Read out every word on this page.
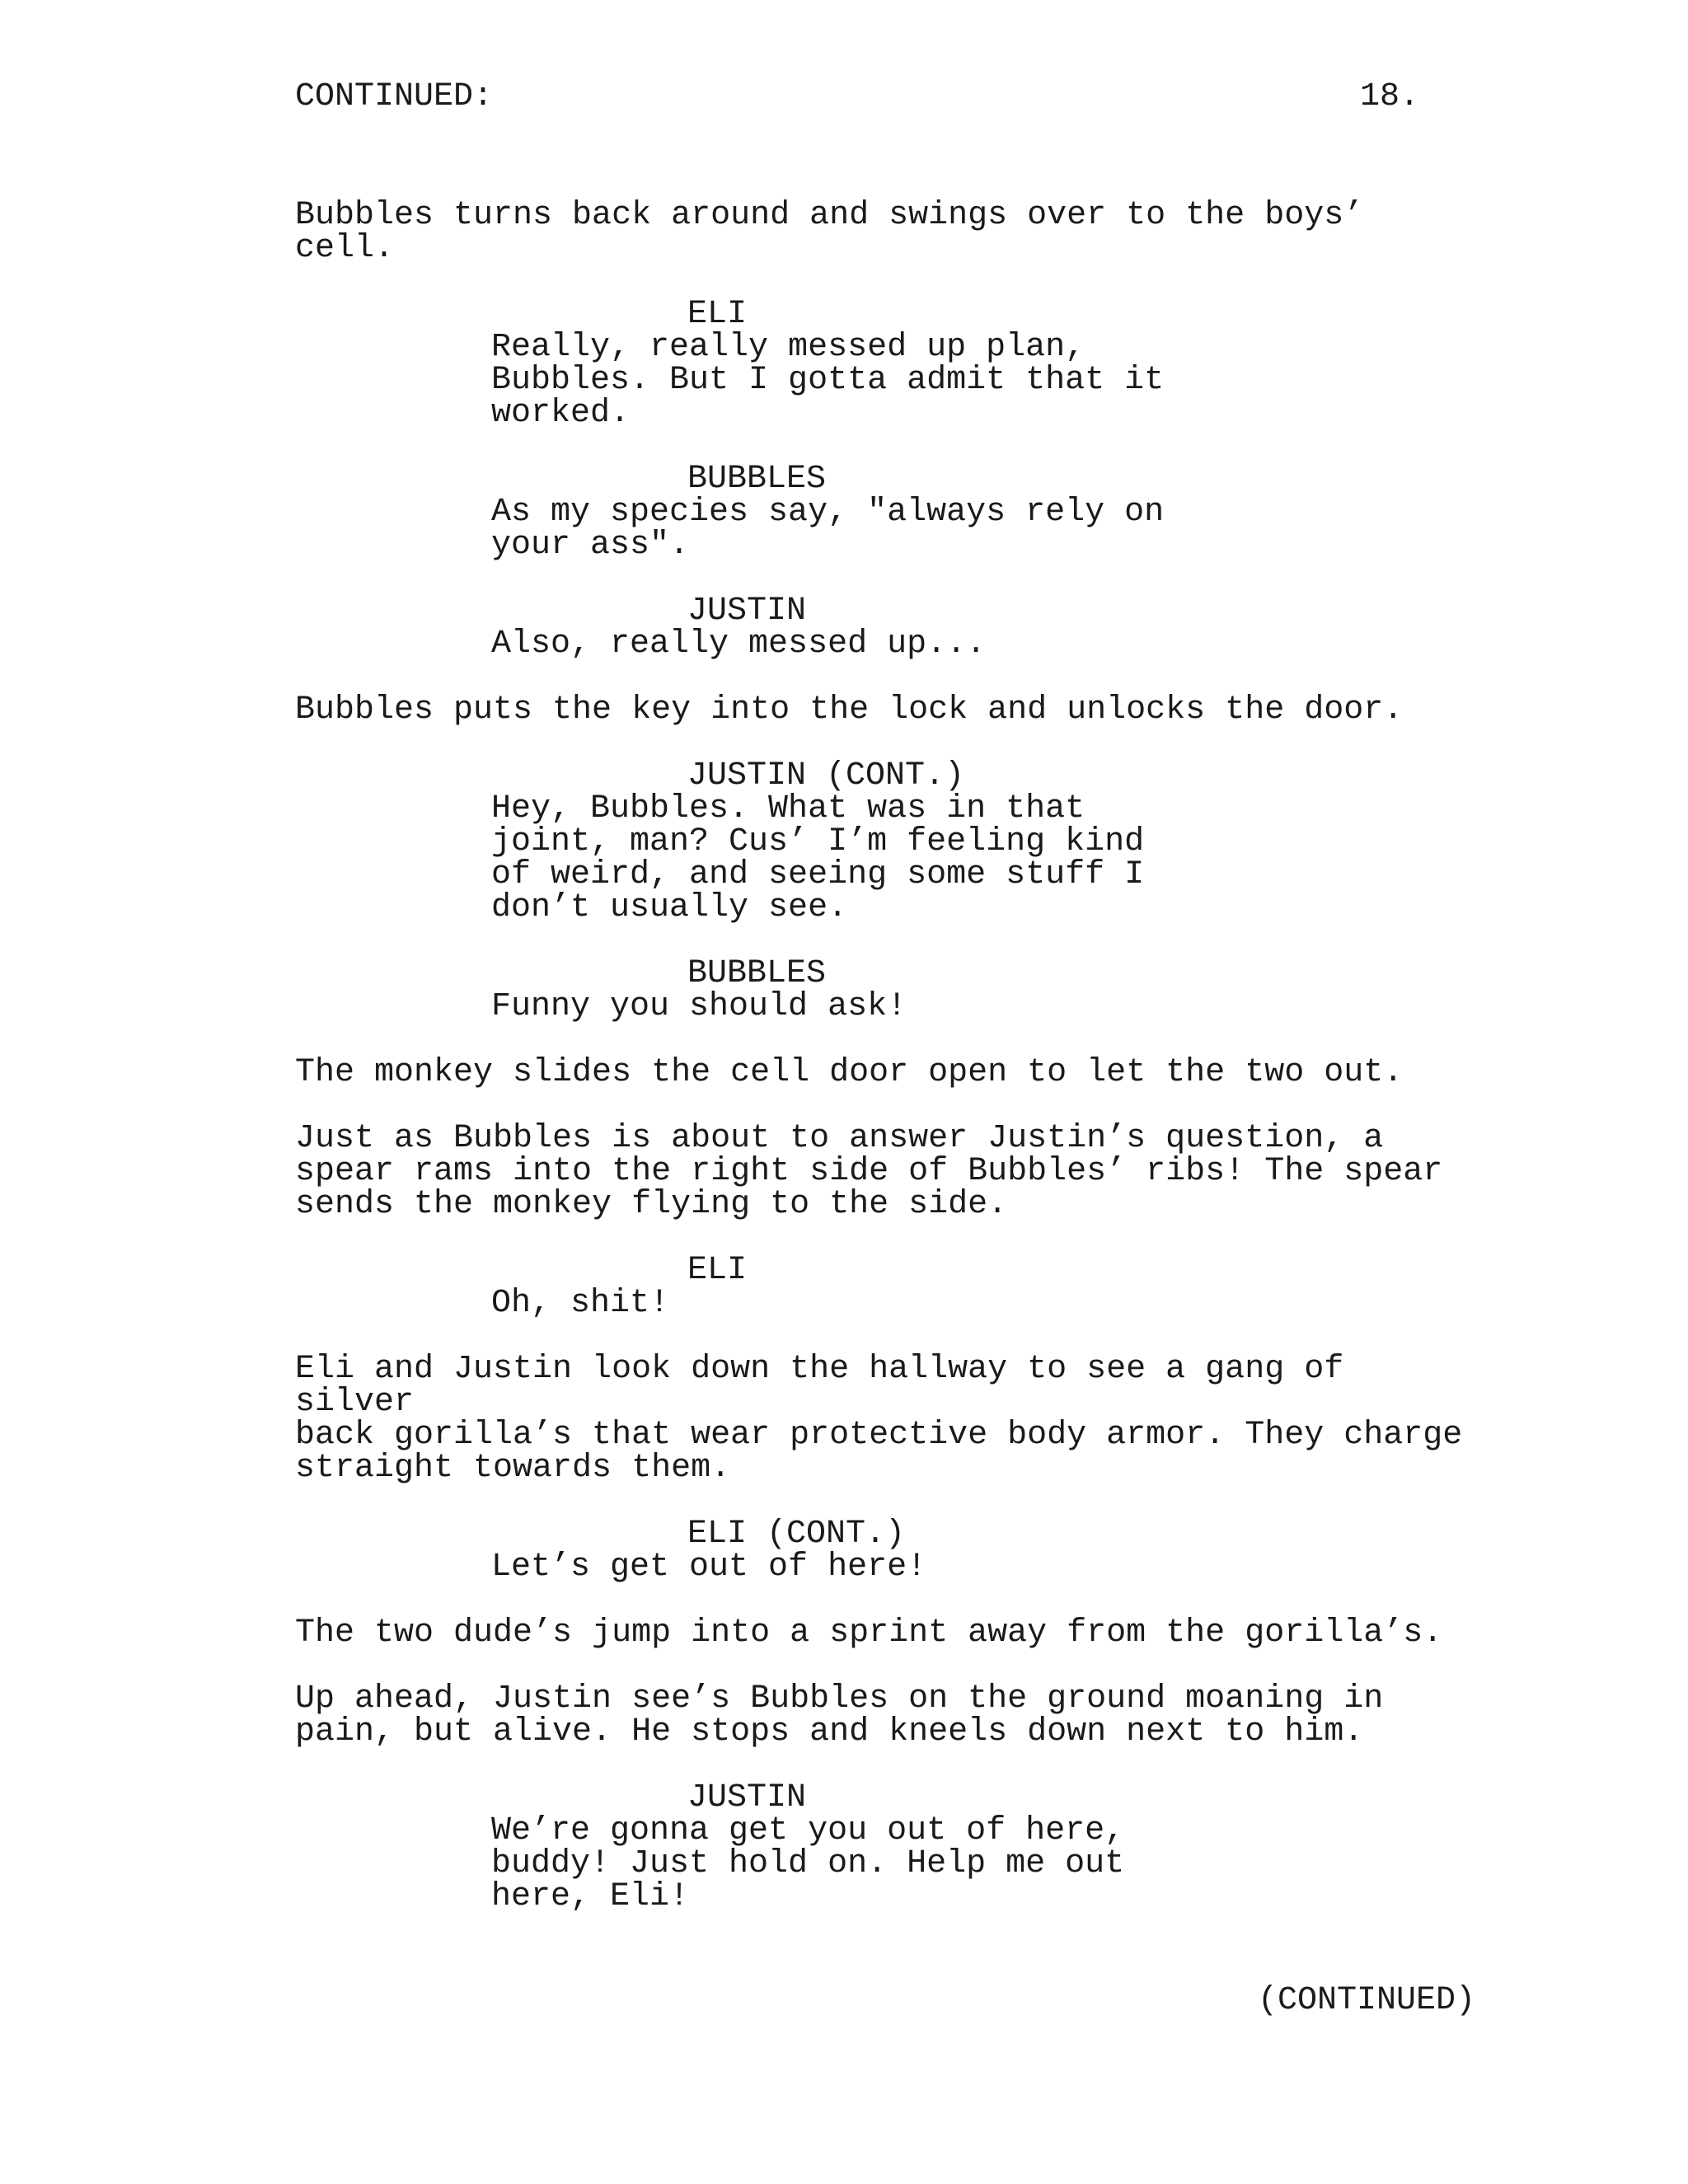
CONTINUED:	18.

Bubbles turns back around and swings over to the boys’ cell.

ELI

Really, really messed up plan,

Bubbles. But I gotta admit that it

worked.

BUBBLES

As my species say, "always rely on

your ass".

JUSTIN

Also, really messed up...

Bubbles puts the key into the lock and unlocks the door.

JUSTIN (CONT.)

Hey, Bubbles. What was in that

joint, man? Cus’ I’m feeling kind

of weird, and seeing some stuff I

don’t usually see.

BUBBLES

Funny you should ask!

The monkey slides the cell door open to let the two out.

Just as Bubbles is about to answer Justin’s question, a
spear rams into the right side of Bubbles’ ribs! The spear
sends the monkey flying to the side.

ELI

Oh, shit!

Eli and Justin look down the hallway to see a gang of silver
back gorilla’s that wear protective body armor. They charge
straight towards them.

ELI (CONT.)

Let’s get out of here!

The two dude’s jump into a sprint away from the gorilla’s.

Up ahead, Justin see’s Bubbles on the ground moaning in
pain, but alive. He stops and kneels down next to him.

JUSTIN

We’re gonna get you out of here,

buddy! Just hold on. Help me out

here, Eli!

(CONTINUED)
